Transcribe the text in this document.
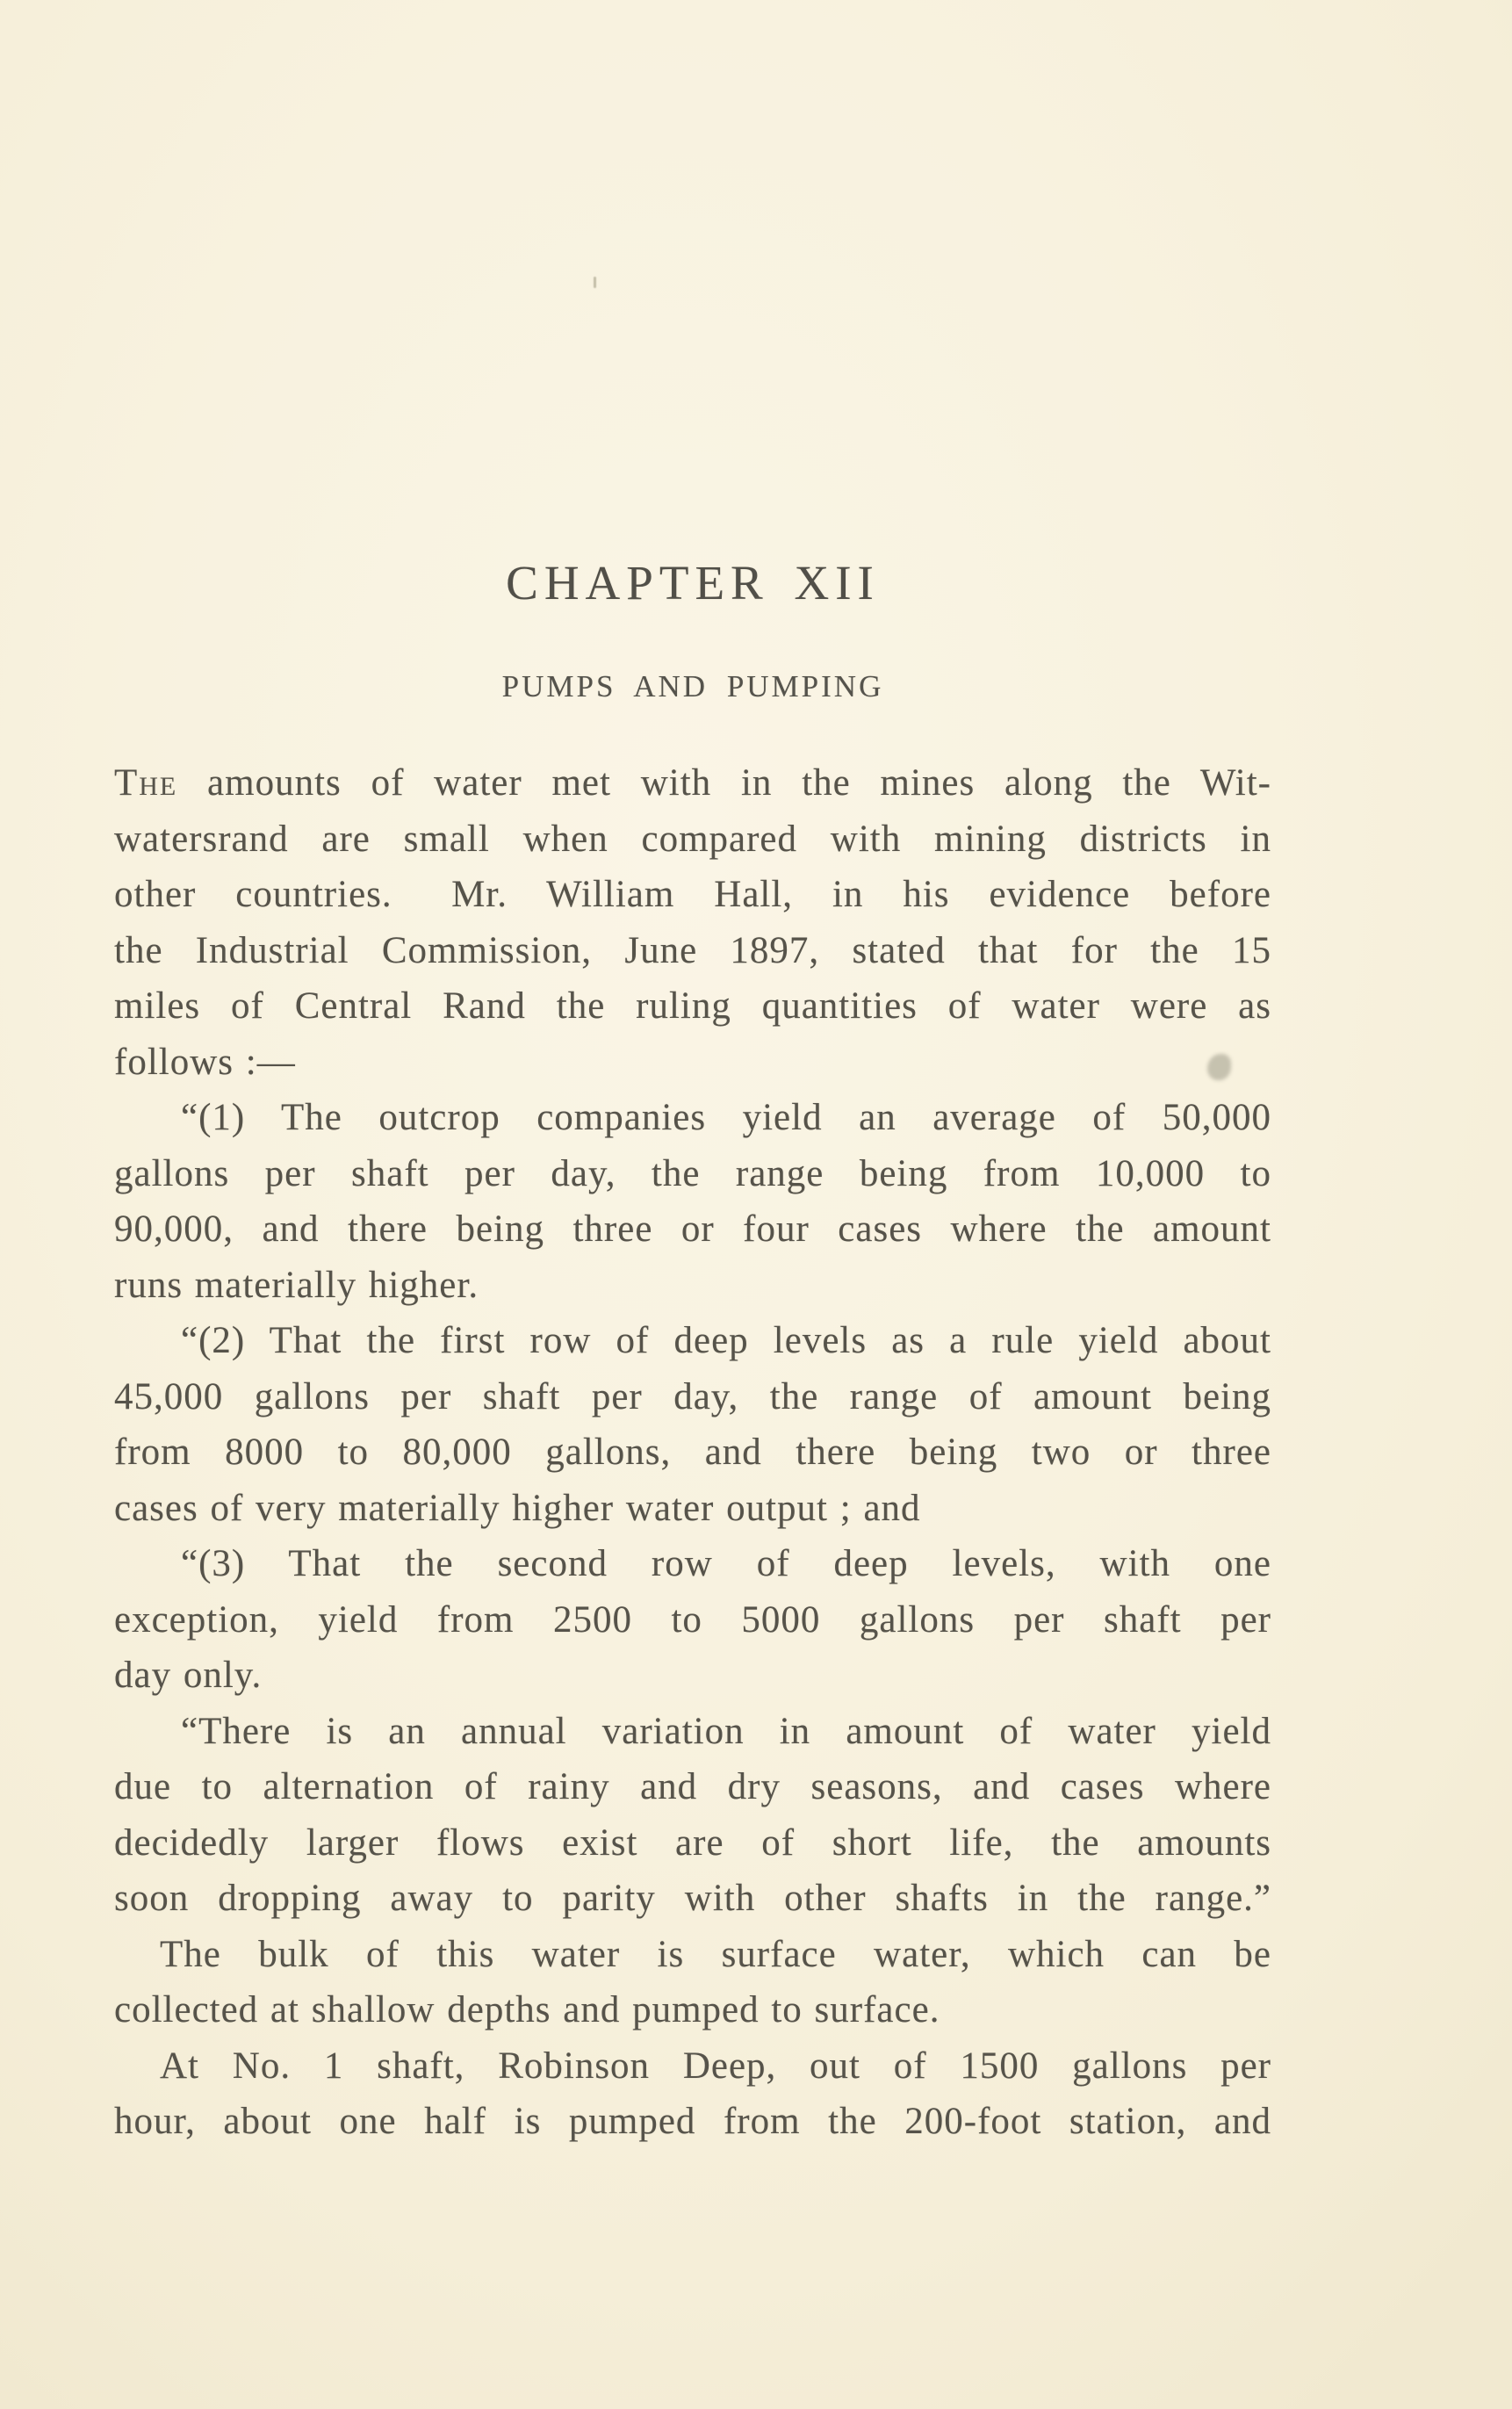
CHAPTER XII
PUMPS AND PUMPING
The amounts of water met with in the mines along the Wit-
watersrand are small when compared with mining districts in
other countries.  Mr. William Hall, in his evidence before
the Industrial Commission, June 1897, stated that for the 15
miles of Central Rand the ruling quantities of water were as
follows :—
“(1) The outcrop companies yield an average of 50,000
gallons per shaft per day, the range being from 10,000 to
90,000, and there being three or four cases where the amount
runs materially higher.
“(2) That the first row of deep levels as a rule yield about
45,000 gallons per shaft per day, the range of amount being
from 8000 to 80,000 gallons, and there being two or three
cases of very materially higher water output ; and
“(3) That the second row of deep levels, with one
exception, yield from 2500 to 5000 gallons per shaft per
day only.
“There is an annual variation in amount of water yield
due to alternation of rainy and dry seasons, and cases where
decidedly larger flows exist are of short life, the amounts
soon dropping away to parity with other shafts in the range.”
The bulk of this water is surface water, which can be
collected at shallow depths and pumped to surface.
At No. 1 shaft, Robinson Deep, out of 1500 gallons per
hour, about one half is pumped from the 200-foot station, and
